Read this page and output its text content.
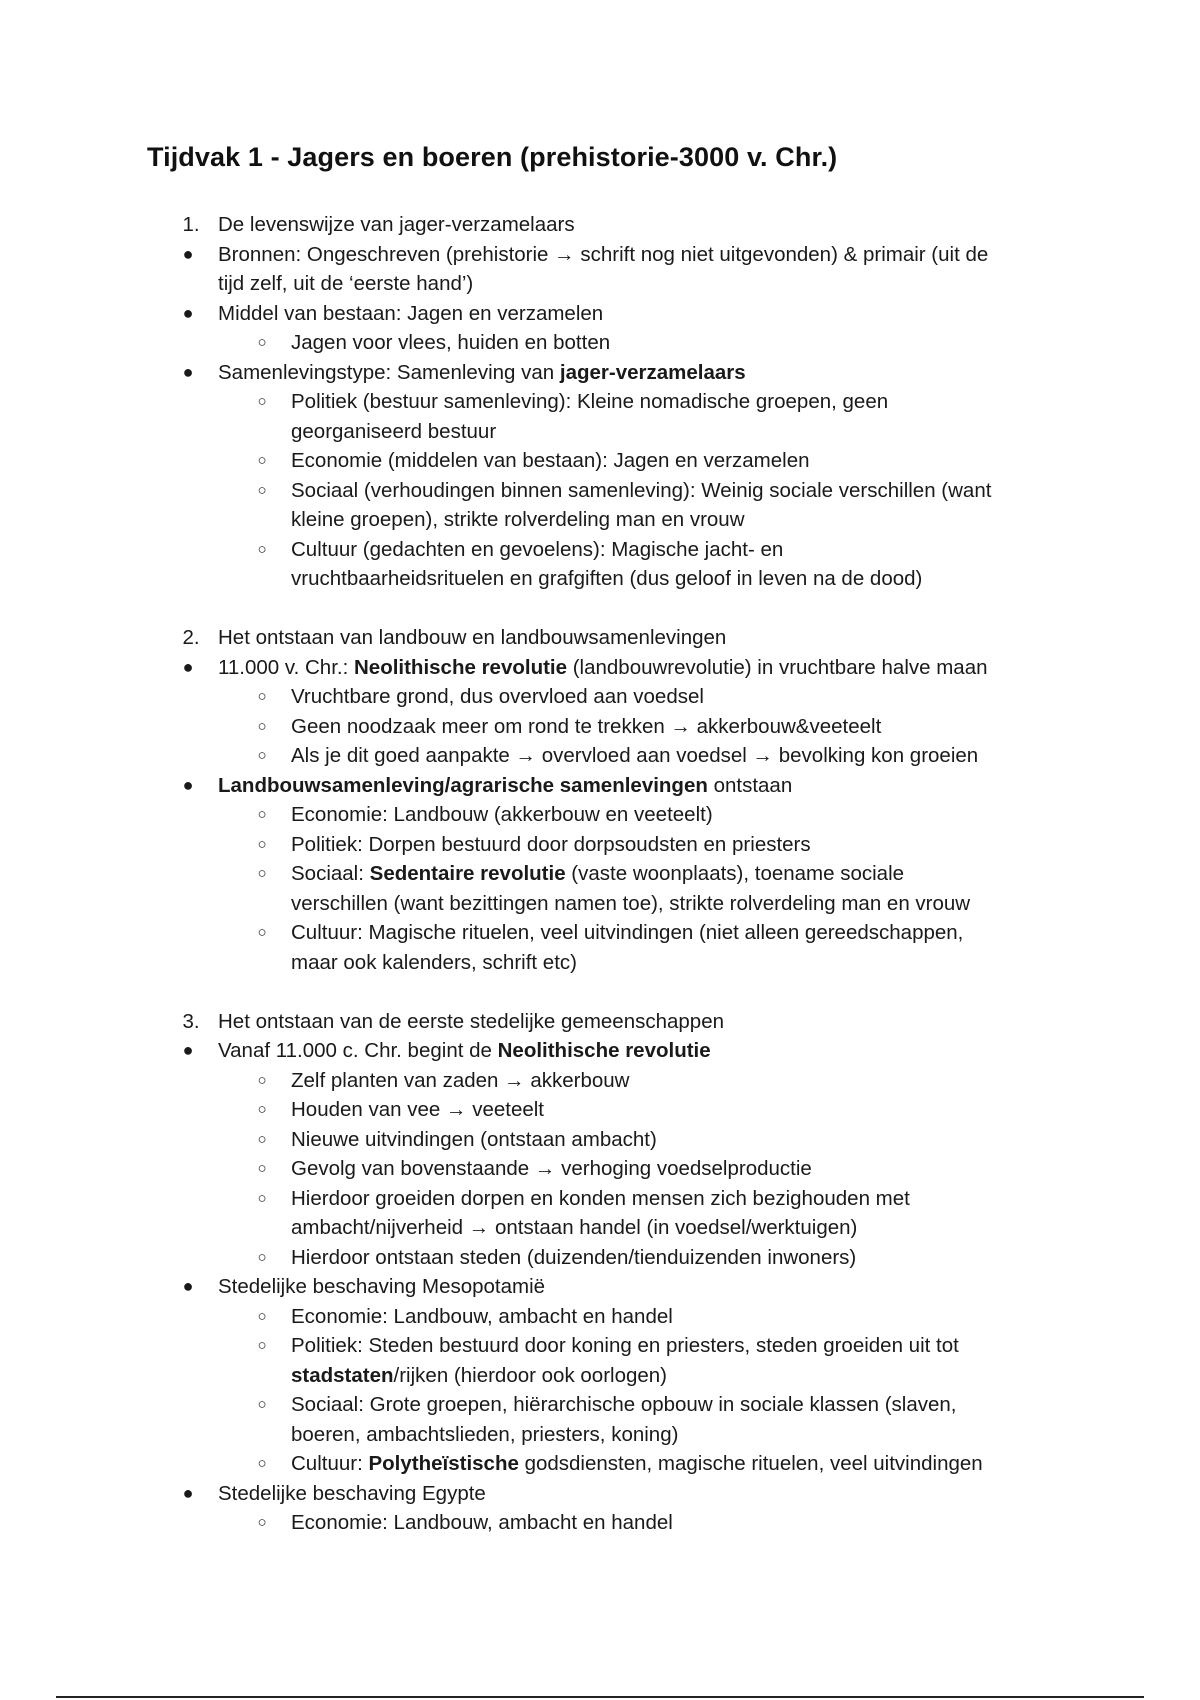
Tijdvak 1 - Jagers en boeren (prehistorie-3000 v. Chr.)
1. De levenswijze van jager-verzamelaars
● Bronnen: Ongeschreven (prehistorie → schrift nog niet uitgevonden) & primair (uit de
tijd zelf, uit de ‘eerste hand’)
● Middel van bestaan: Jagen en verzamelen
○ Jagen voor vlees, huiden en botten
● Samenlevingstype: Samenleving van jager-verzamelaars
○ Politiek (bestuur samenleving): Kleine nomadische groepen, geen
georganiseerd bestuur
○ Economie (middelen van bestaan): Jagen en verzamelen
○ Sociaal (verhoudingen binnen samenleving): Weinig sociale verschillen (want
kleine groepen), strikte rolverdeling man en vrouw
○ Cultuur (gedachten en gevoelens): Magische jacht- en
vruchtbaarheidsrituelen en grafgiften (dus geloof in leven na de dood)
2. Het ontstaan van landbouw en landbouwsamenlevingen
● 11.000 v. Chr.: Neolithische revolutie (landbouwrevolutie) in vruchtbare halve maan
○ Vruchtbare grond, dus overvloed aan voedsel
○ Geen noodzaak meer om rond te trekken → akkerbouw&veeteelt
○ Als je dit goed aanpakte → overvloed aan voedsel → bevolking kon groeien
● Landbouwsamenleving/agrarische samenlevingen ontstaan
○ Economie: Landbouw (akkerbouw en veeteelt)
○ Politiek: Dorpen bestuurd door dorpsoudsten en priesters
○ Sociaal: Sedentaire revolutie (vaste woonplaats), toename sociale
verschillen (want bezittingen namen toe), strikte rolverdeling man en vrouw
○ Cultuur: Magische rituelen, veel uitvindingen (niet alleen gereedschappen,
maar ook kalenders, schrift etc)
3. Het ontstaan van de eerste stedelijke gemeenschappen
● Vanaf 11.000 c. Chr. begint de Neolithische revolutie
○ Zelf planten van zaden → akkerbouw
○ Houden van vee → veeteelt
○ Nieuwe uitvindingen (ontstaan ambacht)
○ Gevolg van bovenstaande → verhoging voedselproductie
○ Hierdoor groeiden dorpen en konden mensen zich bezighouden met
ambacht/nijverheid → ontstaan handel (in voedsel/werktuigen)
○ Hierdoor ontstaan steden (duizenden/tienduizenden inwoners)
● Stedelijke beschaving Mesopotamië
○ Economie: Landbouw, ambacht en handel
○ Politiek: Steden bestuurd door koning en priesters, steden groeiden uit tot
stadstaten/rijken (hierdoor ook oorlogen)
○ Sociaal: Grote groepen, hiërarchische opbouw in sociale klassen (slaven,
boeren, ambachtslieden, priesters, koning)
○ Cultuur: Polytheïstische godsdiensten, magische rituelen, veel uitvindingen
● Stedelijke beschaving Egypte
○ Economie: Landbouw, ambacht en handel
